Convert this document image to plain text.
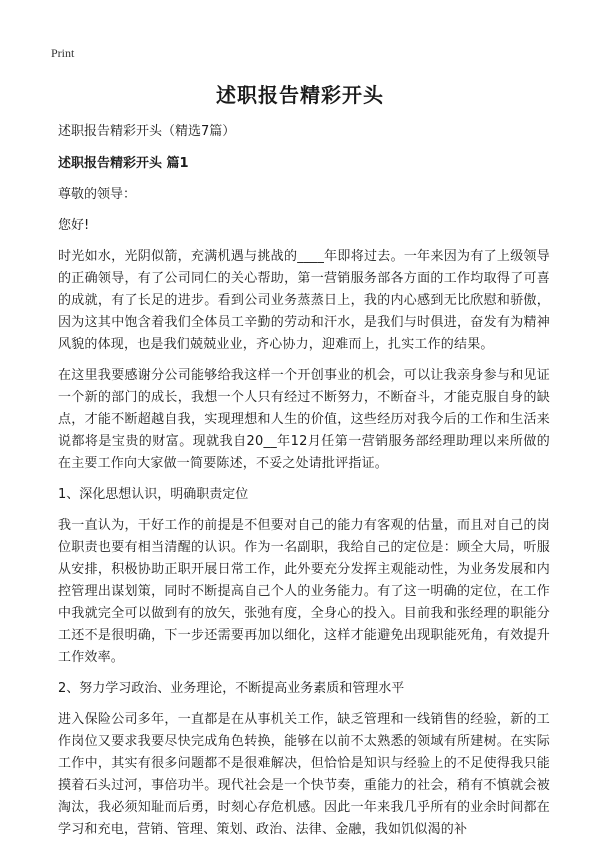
Print
述职报告精彩开头

述职报告精彩开头（精选7篇）

述职报告精彩开头 篇1

尊敬的领导：

您好!

时光如水，光阴似箭，充满机遇与挑战的____年即将过去。一年来因为有了上级领导的正确领导，有了公司同仁的关心帮助，第一营销服务部各方面的工作均取得了可喜的成就，有了长足的进步。看到公司业务蒸蒸日上，我的内心感到无比欣慰和骄傲，因为这其中饱含着我们全体员工辛勤的劳动和汗水，是我们与时俱进，奋发有为精神风貌的体现，也是我们兢兢业业，齐心协力，迎难而上，扎实工作的结果。

在这里我要感谢分公司能够给我这样一个开创事业的机会，可以让我亲身参与和见证一个新的部门的成长，我想一个人只有经过不断努力，不断奋斗，才能克服自身的缺点，才能不断超越自我，实现理想和人生的价值，这些经历对我今后的工作和生活来说都将是宝贵的财富。现就我自20__年12月任第一营销服务部经理助理以来所做的在主要工作向大家做一简要陈述，不妥之处请批评指证。

1、深化思想认识，明确职责定位

我一直认为，干好工作的前提是不但要对自己的能力有客观的估量，而且对自己的岗位职责也要有相当清醒的认识。作为一名副职，我给自己的定位是：顾全大局，听服从安排，积极协助正职开展日常工作，此外要充分发挥主观能动性，为业务发展和内控管理出谋划策，同时不断提高自己个人的业务能力。有了这一明确的定位，在工作中我就完全可以做到有的放矢，张弛有度，全身心的投入。目前我和张经理的职能分工还不是很明确，下一步还需要再加以细化，这样才能避免出现职能死角，有效提升工作效率。

2、努力学习政治、业务理论，不断提高业务素质和管理水平

进入保险公司多年，一直都是在从事机关工作，缺乏管理和一线销售的经验，新的工作岗位又要求我要尽快完成角色转换，能够在以前不太熟悉的领域有所建树。在实际工作中，其实有很多问题都不是很难解决，但恰恰是知识与经验上的不足使得我只能摸着石头过河，事倍功半。现代社会是一个快节奏，重能力的社会，稍有不慎就会被淘汰，我必须知耻而后勇，时刻心存危机感。因此一年来我几乎所有的业余时间都在学习和充电，营销、管理、策划、政治、法律、金融，我如饥似渴的补
